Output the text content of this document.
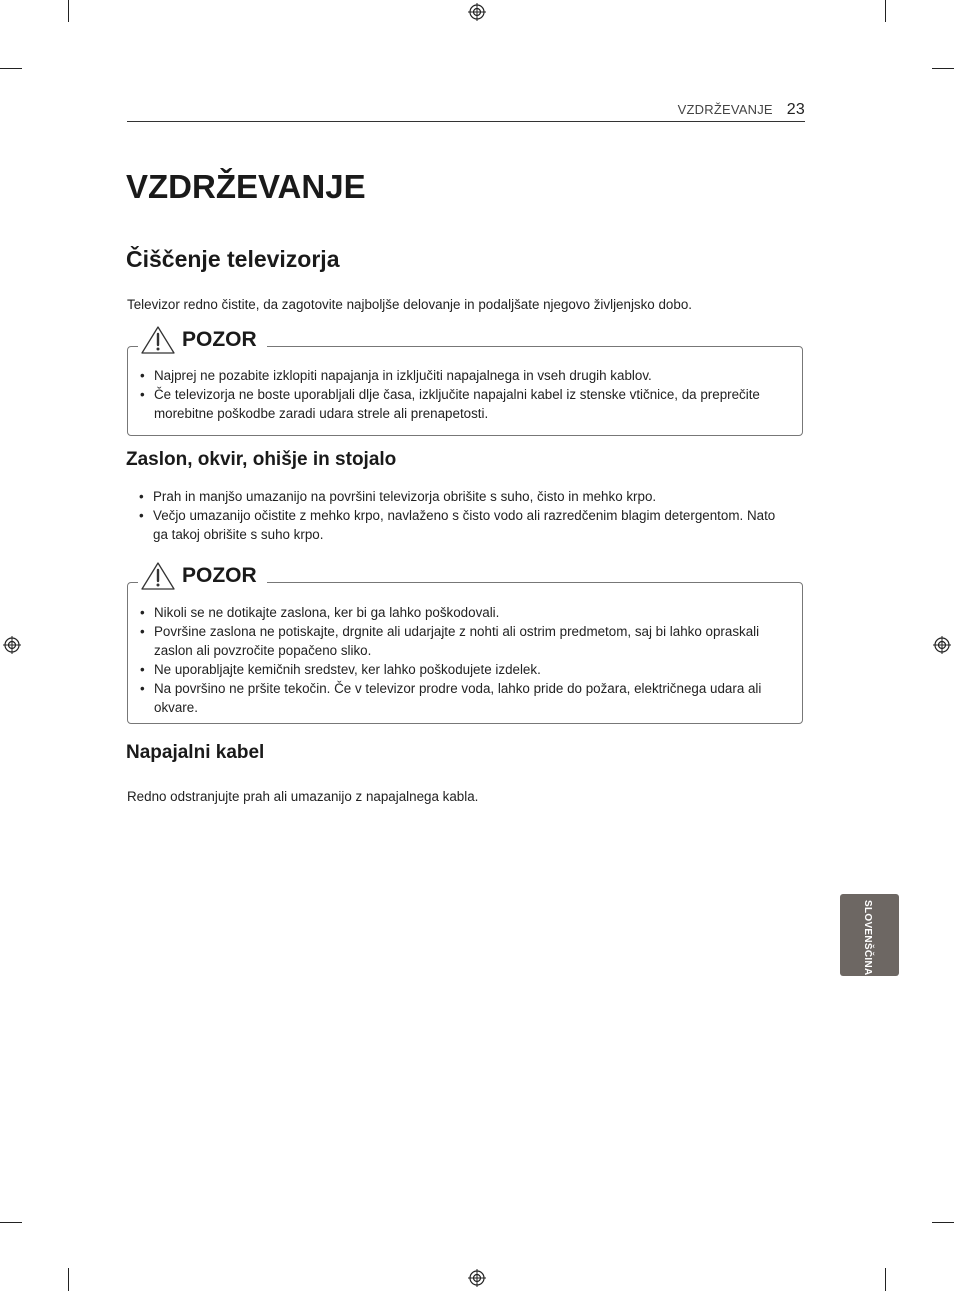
VZDRŽEVANJE 23
VZDRŽEVANJE
Čiščenje televizorja
Televizor redno čistite, da zagotovite najboljše delovanje in podaljšate njegovo življenjsko dobo.
POZOR
• Najprej ne pozabite izklopiti napajanja in izključiti napajalnega in vseh drugih kablov.
• Če televizorja ne boste uporabljali dlje časa, izključite napajalni kabel iz stenske vtičnice, da preprečite morebitne poškodbe zaradi udara strele ali prenapetosti.
Zaslon, okvir, ohišje in stojalo
• Prah in manjšo umazanijo na površini televizorja obrišite s suho, čisto in mehko krpo.
• Večjo umazanijo očistite z mehko krpo, navlaženo s čisto vodo ali razredčenim blagim detergentom. Nato ga takoj obrišite s suho krpo.
POZOR
• Nikoli se ne dotikajte zaslona, ker bi ga lahko poškodovali.
• Površine zaslona ne potiskajte, drgnite ali udarjajte z nohti ali ostrim predmetom, saj bi lahko opraskali zaslon ali povzročite popačeno sliko.
• Ne uporabljajte kemičnih sredstev, ker lahko poškodujete izdelek.
• Na površino ne pršite tekočin. Če v televizor prodre voda, lahko pride do požara, električnega udara ali okvare.
Napajalni kabel
Redno odstranjujte prah ali umazanijo z napajalnega kabla.
SLOVENŠČINA
